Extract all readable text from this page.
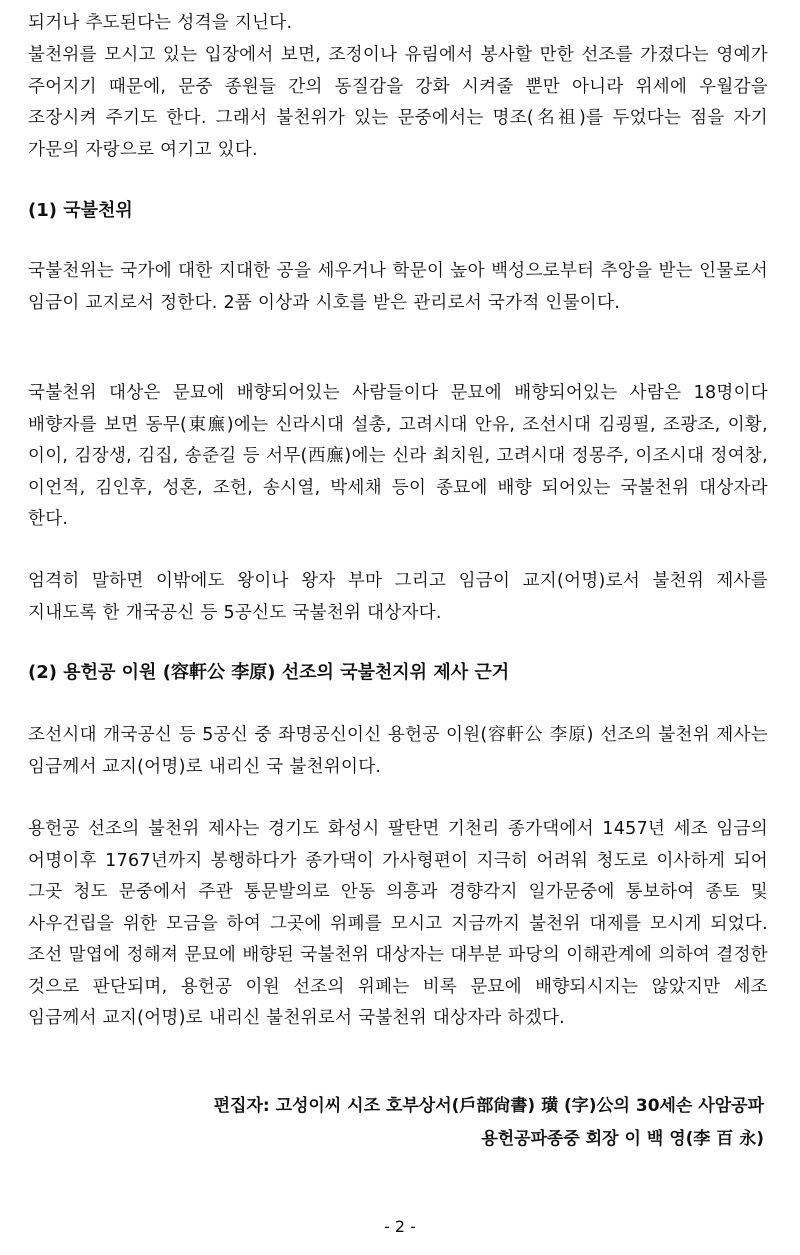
되거나 추도된다는 성격을 지닌다.

불천위를 모시고 있는 입장에서 보면, 조정이나 유림에서 봉사할 만한 선조를 가졌다는 영예가 주어지기 때문에, 문중 종원들 간의 동질감을 강화 시켜줄 뿐만 아니라 위세에 우월감을 조장시켜 주기도 한다. 그래서 불천위가 있는 문중에서는 명조(名祖)를 두었다는 점을 자기 가문의 자랑으로 여기고 있다.

(1) 국불천위

국불천위는 국가에 대한 지대한 공을 세우거나 학문이 높아 백성으로부터 추앙을 받는 인물로서 임금이 교지로서 정한다. 2품 이상과 시호를 받은 관리로서 국가적 인물이다.

국불천위 대상은 문묘에 배향되어있는 사람들이다 문묘에 배향되어있는 사람은 18명이다 배향자를 보면 동무(東廡)에는 신라시대 설총, 고려시대 안유, 조선시대 김굉필, 조광조, 이황, 이이, 김장생, 김집, 송준길 등 서무(西廡)에는 신라 최치원, 고려시대 정몽주, 이조시대 정여창, 이언적, 김인후, 성혼, 조헌, 송시열, 박세채 등이 종묘에 배향 되어있는 국불천위 대상자라 한다.

엄격히 말하면 이밖에도 왕이나 왕자 부마 그리고 임금이 교지(어명)로서 불천위 제사를 지내도록 한 개국공신 등 5공신도 국불천위 대상자다.

(2) 용헌공 이원 (容軒公 李原) 선조의 국불천지위 제사 근거

조선시대 개국공신 등 5공신 중 좌명공신이신 용헌공 이원(容軒公 李原) 선조의 불천위 제사는 임금께서 교지(어명)로 내리신 국 불천위이다.

용헌공 선조의 불천위 제사는 경기도 화성시 팔탄면 기천리 종가댁에서 1457년 세조 임금의 어명이후 1767년까지 봉행하다가 종가댁이 가사형편이 지극히 어려워 청도로 이사하게 되어 그곳 청도 문중에서 주관 통문발의로 안동 의흥과 경향각지 일가문중에 통보하여 종토 및 사우건립을 위한 모금을 하여 그곳에 위폐를 모시고 지금까지 불천위 대제를 모시게 되었다. 조선 말엽에 정해져 문묘에 배향된 국불천위 대상자는 대부분 파당의 이해관계에 의하여 결정한 것으로 판단되며, 용헌공 이원 선조의 위폐는 비록 문묘에 배향되시지는 않았지만 세조 임금께서 교지(어명)로 내리신 불천위로서 국불천위 대상자라 하겠다.

편집자: 고성이씨 시조 호부상서(戶部尙書) 璜 (字)公의 30세손 사암공파
용헌공파종중 회장 이 백 영(李 百 永)
- 2 -
